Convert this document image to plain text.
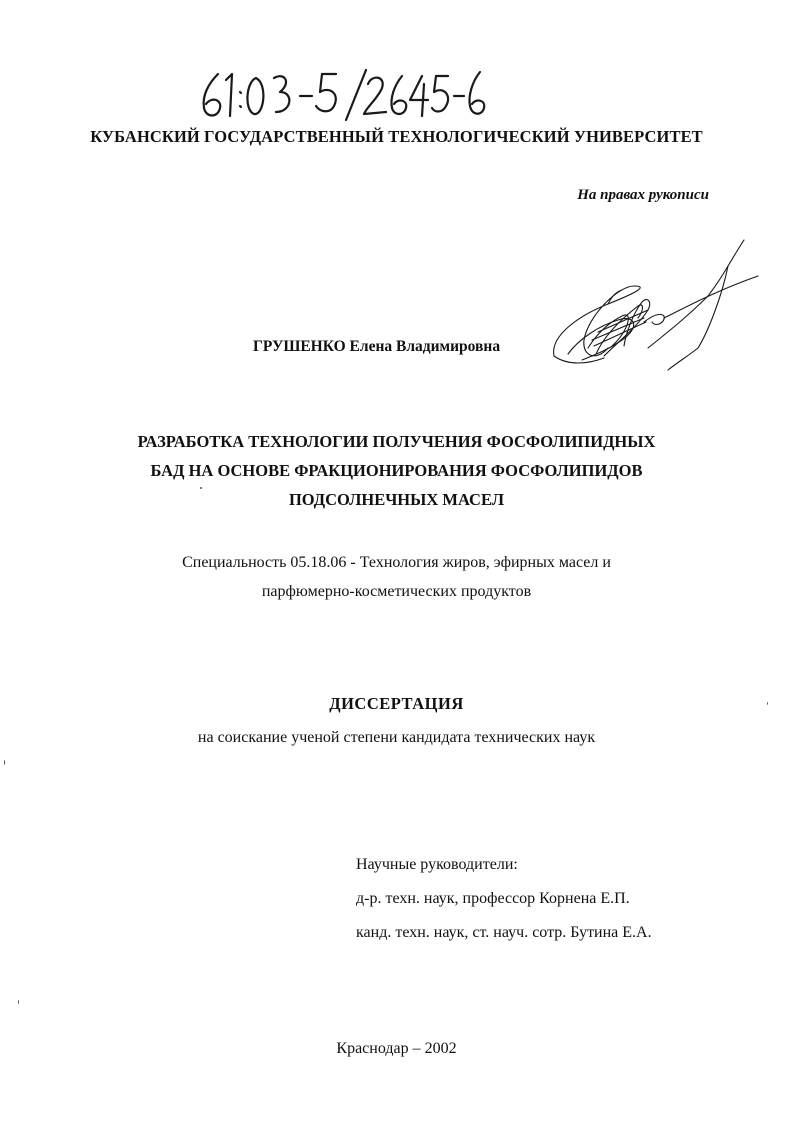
КУБАНСКИЙ ГОСУДАРСТВЕННЫЙ ТЕХНОЛОГИЧЕСКИЙ УНИВЕРСИТЕТ
На правах рукописи
ГРУШЕНКО Елена Владимировна
РАЗРАБОТКА ТЕХНОЛОГИИ ПОЛУЧЕНИЯ ФОСФОЛИПИДНЫХ
БАД НА ОСНОВЕ ФРАКЦИОНИРОВАНИЯ ФОСФОЛИПИДОВ
ПОДСОЛНЕЧНЫХ МАСЕЛ
Специальность 05.18.06 - Технология жиров, эфирных масел и
парфюмерно-косметических продуктов
ДИССЕРТАЦИЯ
на соискание ученой степени кандидата технических наук
Научные руководители:
д-р. техн. наук, профессор Корнена Е.П.
канд. техн. наук, ст. науч. сотр. Бутина Е.А.
Краснодар – 2002
